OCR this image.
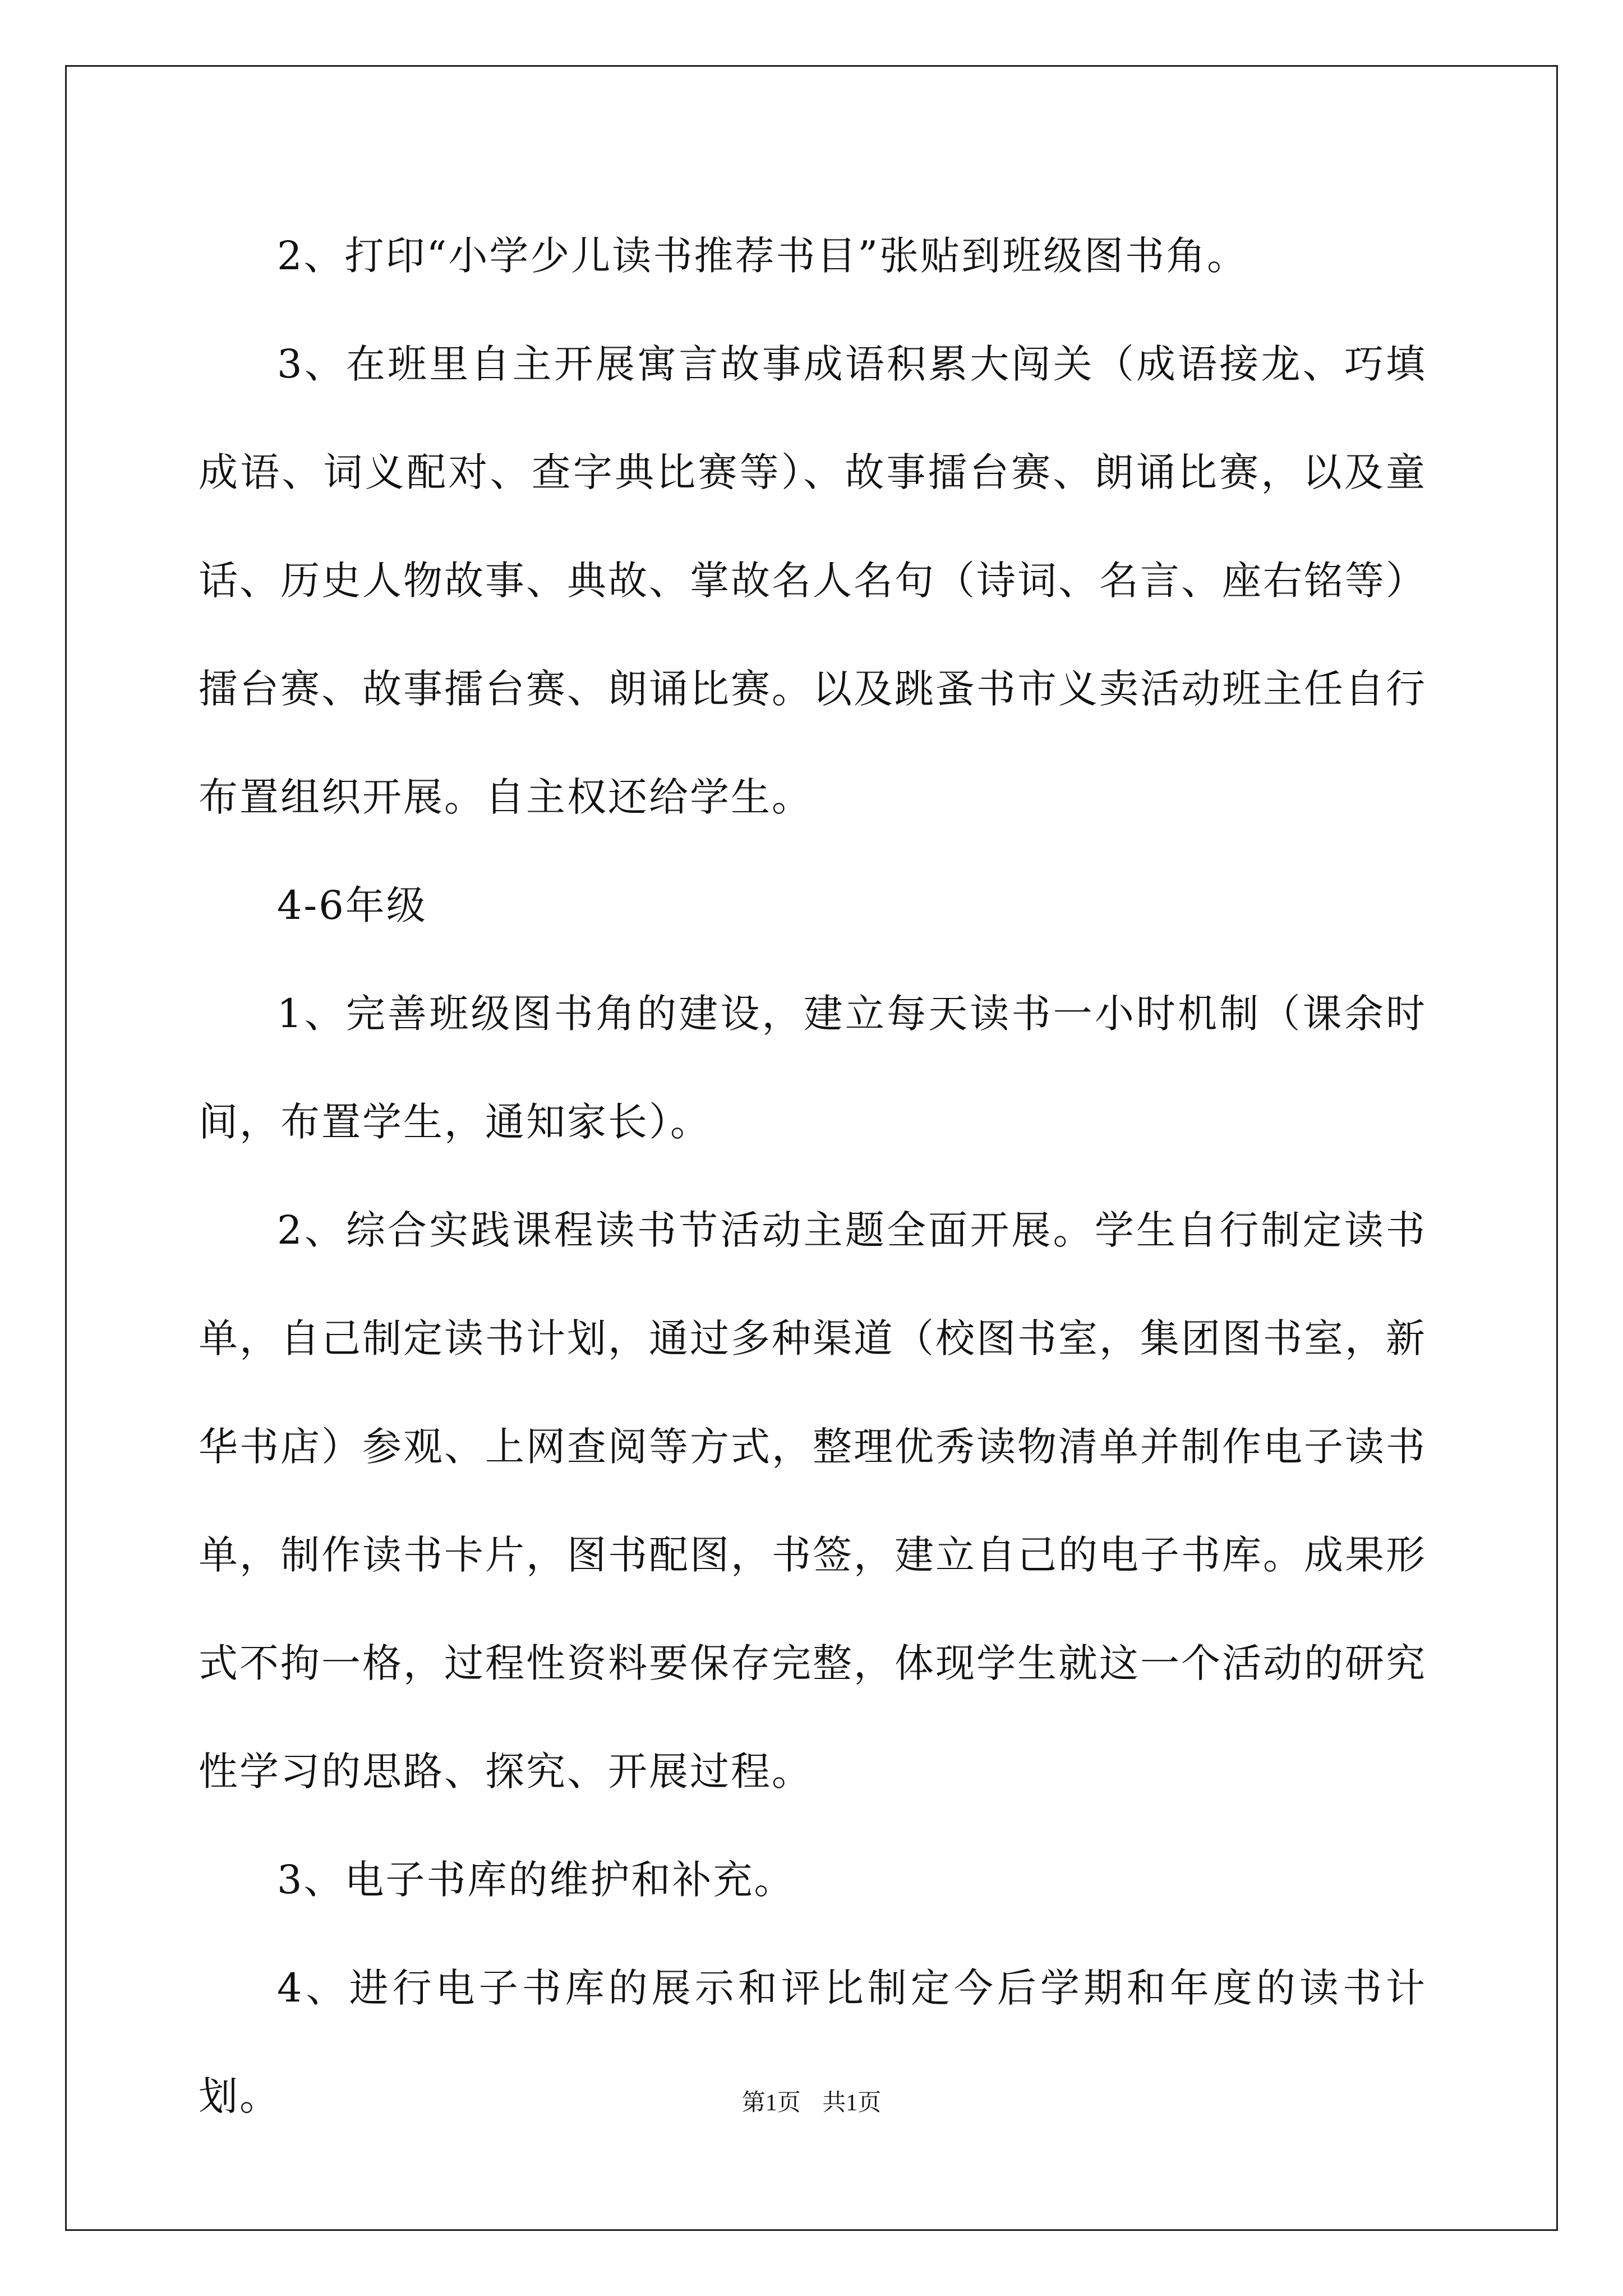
2、打印“小学少儿读书推荐书目”张贴到班级图书角。

3、在班里自主开展寓言故事成语积累大闯关（成语接龙、巧填成语、词义配对、查字典比赛等）、故事擂台赛、朗诵比赛，以及童话、历史人物故事、典故、掌故名人名句（诗词、名言、座右铭等）擂台赛、故事擂台赛、朗诵比赛。以及跳蚤书市义卖活动班主任自行布置组织开展。自主权还给学生。

4-6年级

1、完善班级图书角的建设，建立每天读书一小时机制（课余时间，布置学生，通知家长）。

2、综合实践课程读书节活动主题全面开展。学生自行制定读书单，自己制定读书计划，通过多种渠道（校图书室，集团图书室，新华书店）参观、上网查阅等方式，整理优秀读物清单并制作电子读书单，制作读书卡片，图书配图，书签，建立自己的电子书库。成果形式不拘一格，过程性资料要保存完整，体现学生就这一个活动的研究性学习的思路、探究、开展过程。

3、电子书库的维护和补充。

4、进行电子书库的展示和评比制定今后学期和年度的读书计划。	第1页 共1页
